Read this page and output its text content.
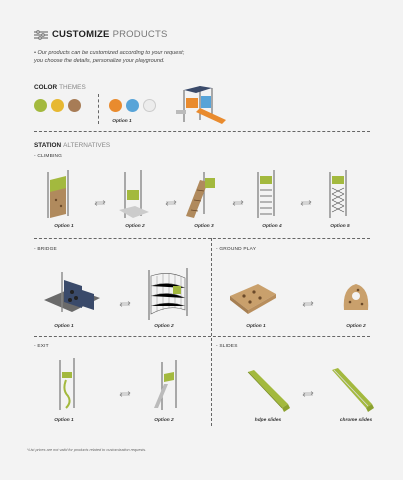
CUSTOMIZE PRODUCTS
• Our products can be customized according to your request;
you choose the details, personalize your playground.
COLOR THEMES
Option 1
STATION ALTERNATIVES
- CLIMBING
Option 1	Option 2	Option 3	Option 4	Option 5
- BRIDGE
Option 1	Option 2
- GROUND PLAY
Option 1	Option 2
- EXIT
Option 1	Option 2
- SLIDES
hdpe slides	chrome slides
*List prices are not valid for products related to customization requests.
